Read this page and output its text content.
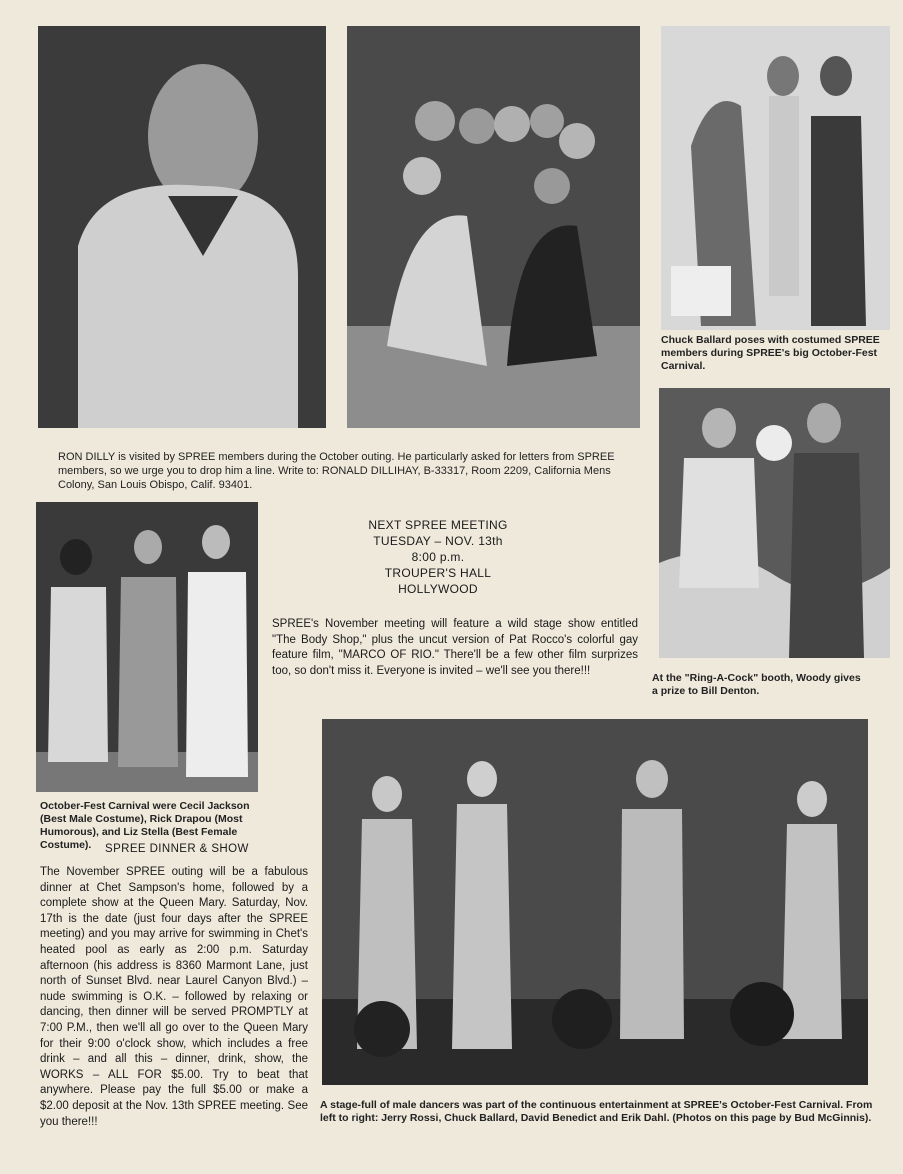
Chuck Ballard poses with costumed SPREE members during SPREE's big October-Fest Carnival.
RON DILLY is visited by SPREE members during the October outing. He particularly asked for letters from SPREE members, so we urge you to drop him a line. Write to: RONALD DILLIHAY, B-33317, Room 2209, California Mens Colony, San Louis Obispo, Calif. 93401.
At the "Ring-A-Cock" booth, Woody gives a prize to Bill Denton.
October-Fest Carnival were Cecil Jackson (Best Male Costume), Rick Drapou (Most Humorous), and Liz Stella (Best Female Costume).
NEXT SPREE MEETING
TUESDAY – NOV. 13th
8:00 p.m.
TROUPER'S HALL
HOLLYWOOD
SPREE's November meeting will feature a wild stage show entitled "The Body Shop," plus the uncut version of Pat Rocco's colorful gay feature film, "MARCO OF RIO." There'll be a few other film surprizes too, so don't miss it. Everyone is invited – we'll see you there!!!
SPREE DINNER & SHOW
The November SPREE outing will be a fabulous dinner at Chet Sampson's home, followed by a complete show at the Queen Mary. Saturday, Nov. 17th is the date (just four days after the SPREE meeting) and you may arrive for swimming in Chet's heated pool as early as 2:00 p.m. Saturday afternoon (his address is 8360 Marmont Lane, just north of Sunset Blvd. near Laurel Canyon Blvd.) – nude swimming is O.K. – followed by relaxing or dancing, then dinner will be served PROMPTLY at 7:00 P.M., then we'll all go over to the Queen Mary for their 9:00 o'clock show, which includes a free drink – and all this – dinner, drink, show, the WORKS – ALL FOR $5.00. Try to beat that anywhere. Please pay the full $5.00 or make a $2.00 deposit at the Nov. 13th SPREE meeting. See you there!!!
A stage-full of male dancers was part of the continuous entertainment at SPREE's October-Fest Carnival. From left to right: Jerry Rossi, Chuck Ballard, David Benedict and Erik Dahl. (Photos on this page by Bud McGinnis).
